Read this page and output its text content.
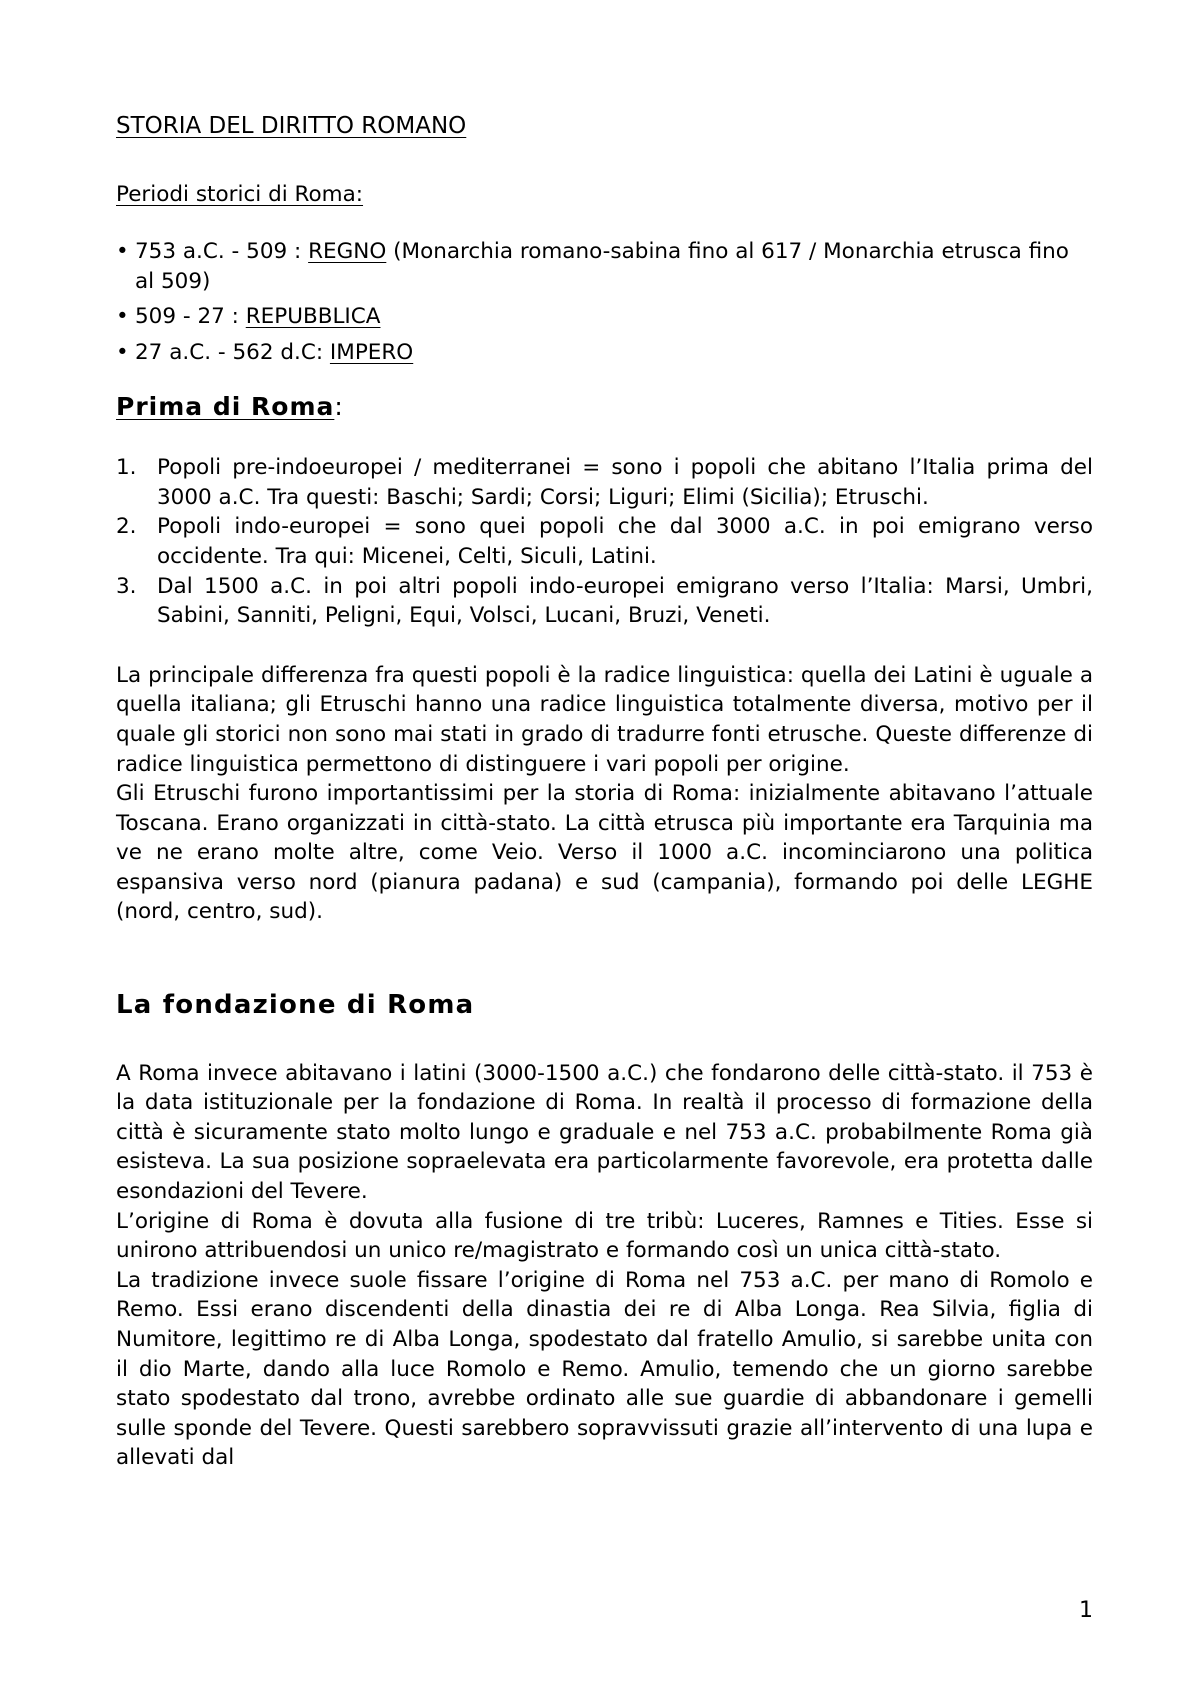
STORIA DEL DIRITTO ROMANO
Periodi storici di Roma:
• 753 a.C. - 509 : REGNO (Monarchia romano-sabina fino al 617 / Monarchia etrusca fino al 509)
• 509 - 27 : REPUBBLICA
• 27 a.C. - 562 d.C: IMPERO
Prima di Roma:
1. Popoli pre-indoeuropei / mediterranei = sono i popoli che abitano l’Italia prima del 3000 a.C. Tra questi: Baschi; Sardi; Corsi; Liguri; Elimi (Sicilia); Etruschi.
2. Popoli indo-europei = sono quei popoli che dal 3000 a.C. in poi emigrano verso occidente. Tra qui: Micenei, Celti, Siculi, Latini.
3. Dal 1500 a.C. in poi altri popoli indo-europei emigrano verso l’Italia: Marsi, Umbri, Sabini, Sanniti, Peligni, Equi, Volsci, Lucani, Bruzi, Veneti.

La principale differenza fra questi popoli è la radice linguistica: quella dei Latini è uguale a quella italiana; gli Etruschi hanno una radice linguistica totalmente diversa, motivo per il quale gli storici non sono mai stati in grado di tradurre fonti etrusche. Queste differenze di radice linguistica permettono di distinguere i vari popoli per origine.

Gli Etruschi furono importantissimi per la storia di Roma: inizialmente abitavano l’attuale Toscana. Erano organizzati in città-stato. La città etrusca più importante era Tarquinia ma ve ne erano molte altre, come Veio. Verso il 1000 a.C. incominciarono una politica espansiva verso nord (pianura padana) e sud (campania), formando poi delle LEGHE (nord, centro, sud).

La fondazione di Roma

A Roma invece abitavano i latini (3000-1500 a.C.) che fondarono delle città-stato. il 753 è la data istituzionale per la fondazione di Roma. In realtà il processo di formazione della città è sicuramente stato molto lungo e graduale e nel 753 a.C. probabilmente Roma già esisteva. La sua posizione sopraelevata era particolarmente favorevole, era protetta dalle esondazioni del Tevere.

L’origine di Roma è dovuta alla fusione di tre tribù: Luceres, Ramnes e Tities. Esse si unirono attribuendosi un unico re/magistrato e formando così un unica città-stato.

La tradizione invece suole fissare l’origine di Roma nel 753 a.C. per mano di Romolo e Remo. Essi erano discendenti della dinastia dei re di Alba Longa. Rea Silvia, figlia di Numitore, legittimo re di Alba Longa, spodestato dal fratello Amulio, si sarebbe unita con il dio Marte, dando alla luce Romolo e Remo. Amulio, temendo che un giorno sarebbe stato spodestato dal trono, avrebbe ordinato alle sue guardie di abbandonare i gemelli sulle sponde del Tevere. Questi sarebbero sopravvissuti grazie all’intervento di una lupa e allevati dal

1
